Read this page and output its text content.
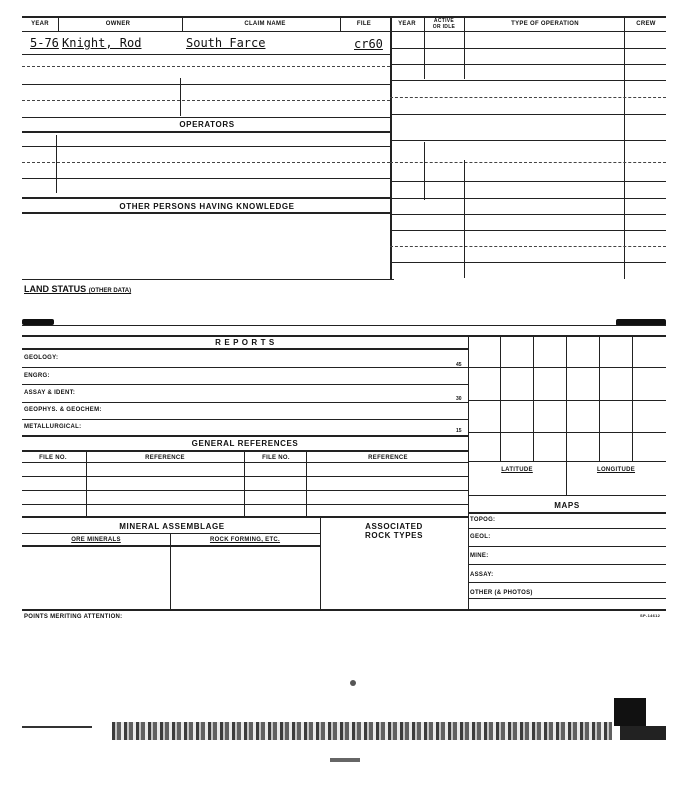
YEAR	OWNER	CLAIM NAME	FILE	YEAR	ACTIVE
OR IDLE	TYPE OF OPERATION	CREW
5-76 Knight, Rod	South Farce	cr60
OPERATORS
OTHER PERSONS HAVING KNOWLEDGE
LAND STATUS (OTHER DATA)
R E P O R T S
GEOLOGY:
ENGRG:
ASSAY & IDENT:
GEOPHYS. & GEOCHEM:
METALLURGICAL:
45
30
15
GENERAL REFERENCES
FILE NO.	REFERENCE	FILE NO.	REFERENCE
MINERAL ASSEMBLAGE
ORE MINERALS	ROCK FORMING, ETC.
ASSOCIATED
ROCK TYPES
LATITUDE	LONGITUDE
MAPS
TOPOG:
GEOL:
MINE:
ASSAY:
OTHER (& PHOTOS)
POINTS MERITING ATTENTION:	SP-14612
